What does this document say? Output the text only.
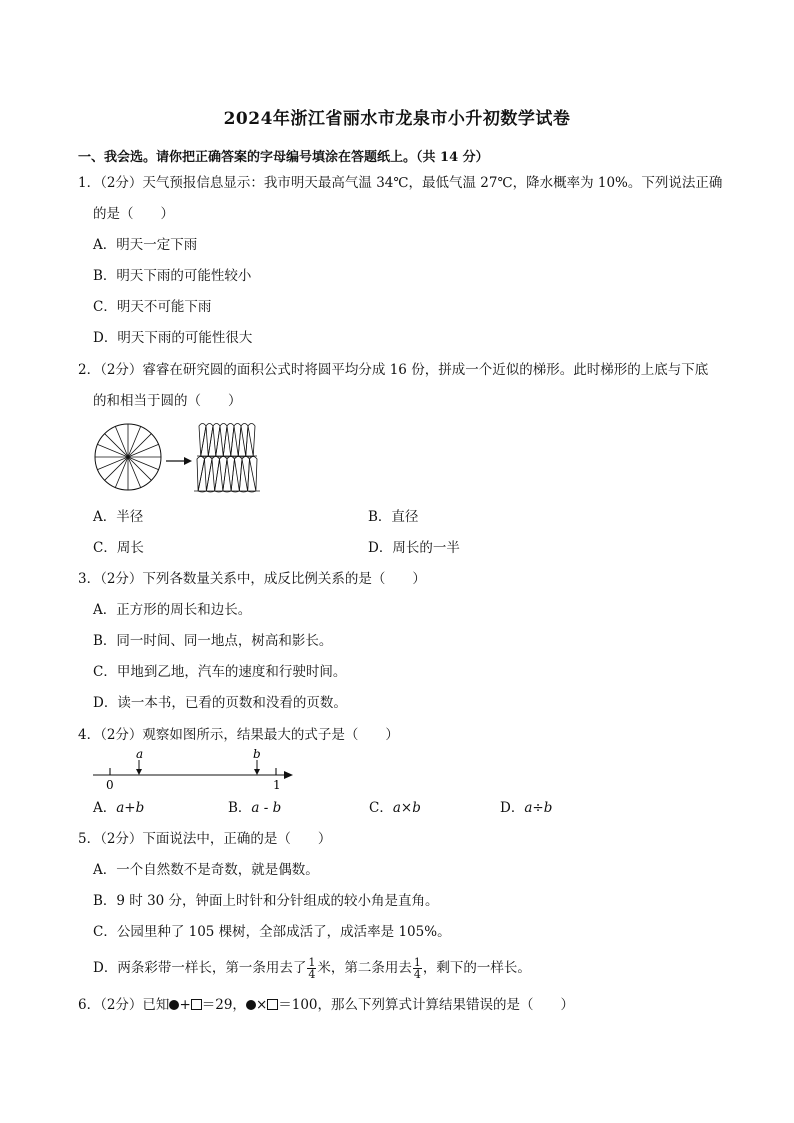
2024年浙江省丽水市龙泉市小升初数学试卷
一、我会选。请你把正确答案的字母编号填涂在答题纸上。（共 14 分）
1．（2分）天气预报信息显示：我市明天最高气温 34℃，最低气温 27℃，降水概率为 10%。下列说法正确
的是（　　）
A．明天一定下雨
B．明天下雨的可能性较小
C．明天不可能下雨
D．明天下雨的可能性很大
2．（2分）睿睿在研究圆的面积公式时将圆平均分成 16 份，拼成一个近似的梯形。此时梯形的上底与下底
的和相当于圆的（　　）
A．半径	B．直径
C．周长	D．周长的一半
3．（2分）下列各数量关系中，成反比例关系的是（　　）
A．正方形的周长和边长。
B．同一时间、同一地点，树高和影长。
C．甲地到乙地，汽车的速度和行驶时间。
D．读一本书，已看的页数和没看的页数。
4．（2分）观察如图所示，结果最大的式子是（　　）
a	b
0	1
A．a+b	B．a - b	C．a×b	D．a÷b
5．（2分）下面说法中，正确的是（　　）
A．一个自然数不是奇数，就是偶数。
B．9 时 30 分，钟面上时针和分针组成的较小角是直角。
C．公园里种了 105 棵树，全部成活了，成活率是 105%。
D．两条彩带一样长，第一条用去了 $\frac{1}{4}$ 米，第二条用去 $\frac{1}{4}$ ，剩下的一样长。
6．（2分）已知 + ＝29， × ＝100，那么下列算式计算结果错误的是（　　）
